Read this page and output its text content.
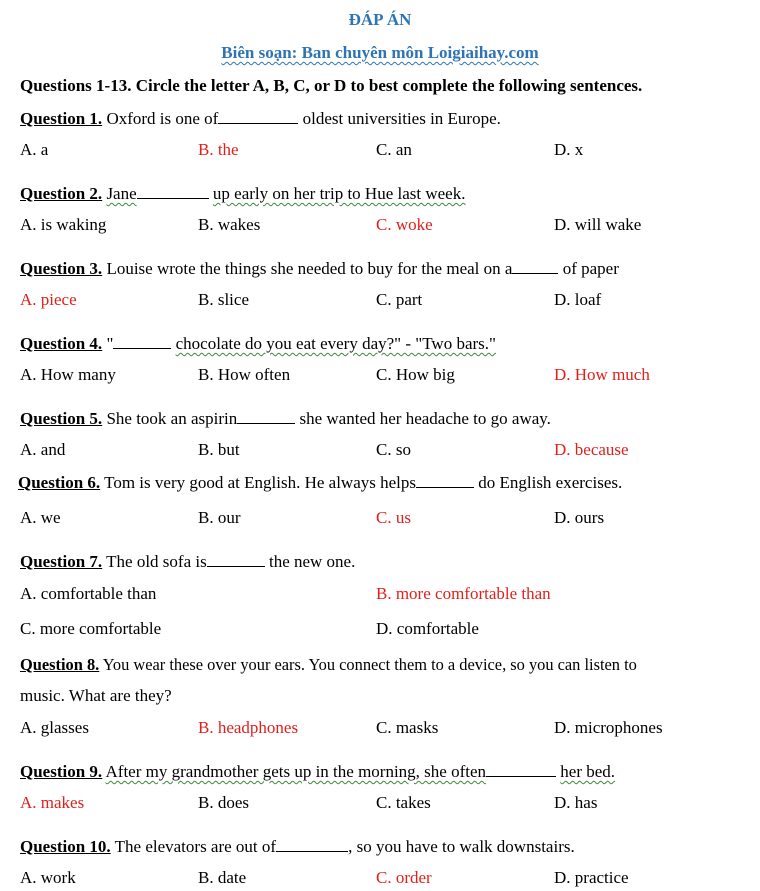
ĐÁP ÁN
Biên soạn: Ban chuyên môn Loigiaihay.com
Questions 1-13. Circle the letter A, B, C, or D to best complete the following sentences.
Question 1. Oxford is one of	oldest universities in Europe.
A. a	B. the	C. an	D. x
Question 2. Jane	up early on her trip to Hue last week.
A. is waking	B. wakes	C. woke	D. will wake
Question 3. Louise wrote the things she needed to buy for the meal on a	of paper
A. piece	B. slice	C. part	D. loaf
Question 4. "	chocolate do you eat every day?" - "Two bars."
A. How many	B. How often	C. How big	D. How much
Question 5. She took an aspirin	she wanted her headache to go away.
A. and	B. but	C. so	D. because
Question 6. Tom is very good at English. He always helps	do English exercises.
A. we	B. our	C. us	D. ours
Question 7. The old sofa is	the new one.
A. comfortable than	B. more comfortable than
C. more comfortable	D. comfortable
Question 8. You wear these over your ears. You connect them to a device, so you can listen to
music. What are they?
A. glasses	B. headphones	C. masks	D. microphones
Question 9. After my grandmother gets up in the morning, she often	her bed.
A. makes	B. does	C. takes	D. has
Question 10. The elevators are out of	, so you have to walk downstairs.
A. work	B. date	C. order	D. practice
